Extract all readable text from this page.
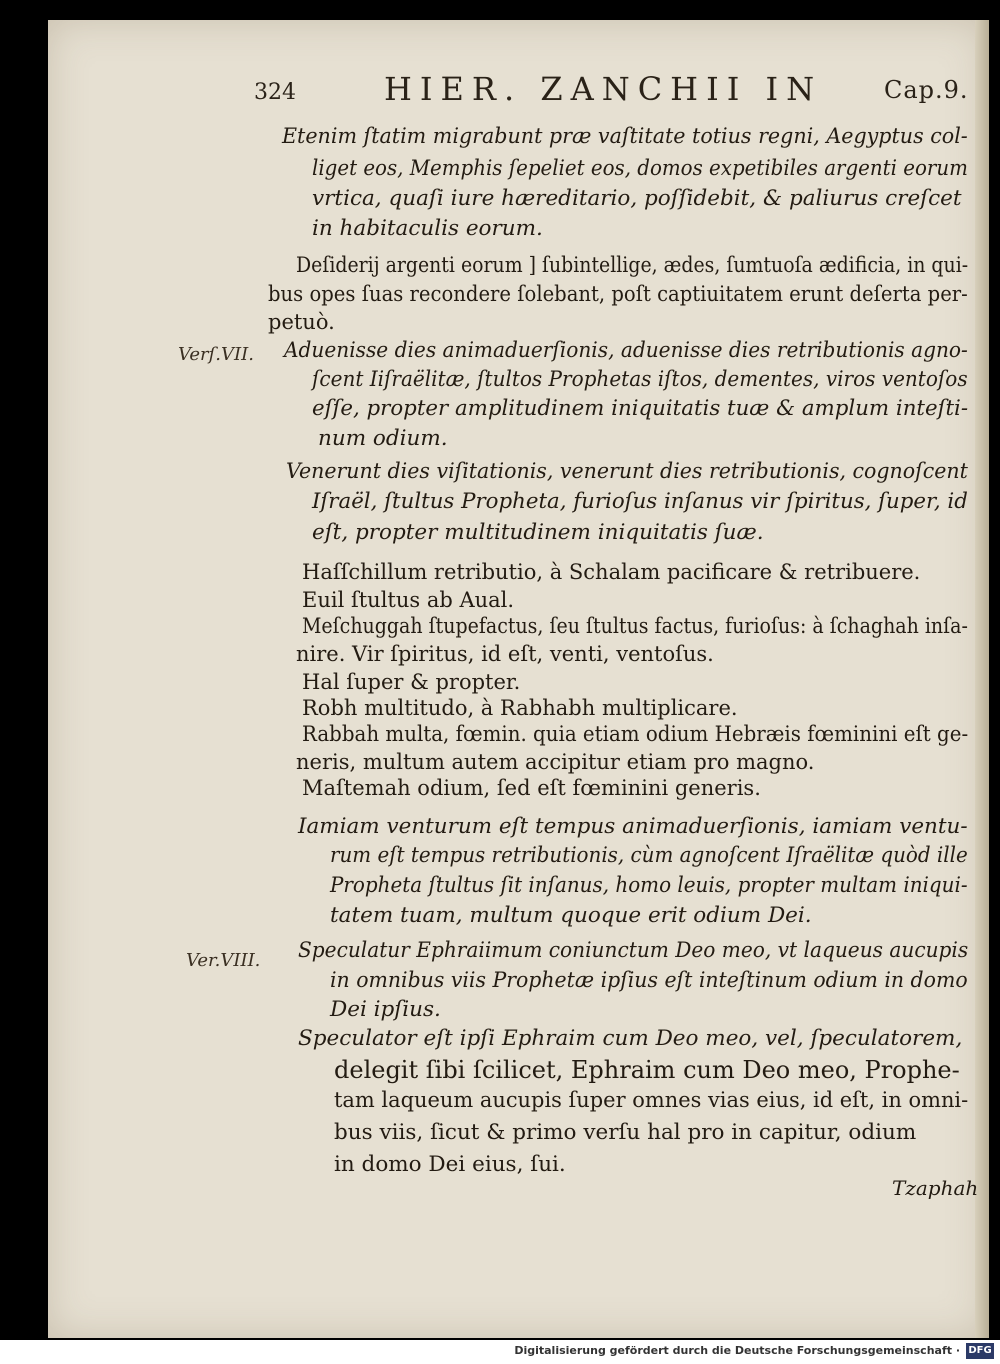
324	HIER. ZANCHII IN	Cap.9.
Verſ.VII.
Ver.VIII.
Etenim ſtatim migrabunt præ vaſtitate totius regni, Aegyptus col-
liget eos, Memphis ſepeliet eos, domos expetibiles argenti eorum
vrtica, quaſi iure hæreditario, poſſidebit, & paliurus creſcet
in habitaculis eorum.
Deſiderij argenti eorum ] ſubintellige, ædes, ſumtuoſa ædificia, in qui-
bus opes ſuas recondere ſolebant, poſt captiuitatem erunt deſerta per-
petuò.
Aduenisse dies animaduerſionis, aduenisse dies retributionis agno-
ſcent Iiſraëlitæ, ſtultos Prophetas iſtos, dementes, viros ventoſos
eſſe, propter amplitudinem iniquitatis tuæ & amplum inteſti-
num odium.
Venerunt dies viſitationis, venerunt dies retributionis, cognoſcent
Iſraël, ſtultus Propheta, furioſus inſanus vir ſpiritus, ſuper, id
eſt, propter multitudinem iniquitatis ſuæ.
Haſſchillum retributio, à Schalam pacificare & retribuere.
Euil ſtultus ab Aual.
Meſchuggah ſtupefactus, ſeu ſtultus factus, furioſus: à ſchaghah inſa-
nire. Vir ſpiritus, id eſt, venti, ventoſus.
Hal ſuper & propter.
Robh multitudo, à Rabhabh multiplicare.
Rabbah multa, fœmin. quia etiam odium Hebræis fœminini eſt ge-
neris, multum autem accipitur etiam pro magno.
Maſtemah odium, ſed eſt fœminini generis.
Iamiam venturum eſt tempus animaduerſionis, iamiam ventu-
rum eſt tempus retributionis, cùm agnoſcent Iſraëlitæ quòd ille
Propheta ſtultus ſit inſanus, homo leuis, propter multam iniqui-
tatem tuam, multum quoque erit odium Dei.
Speculatur Ephraiimum coniunctum Deo meo, vt laqueus aucupis
in omnibus viis Prophetæ ipſius eſt inteſtinum odium in domo
Dei ipſius.
Speculator eſt ipſi Ephraim cum Deo meo, vel, ſpeculatorem,
delegit ſibi ſcilicet, Ephraim cum Deo meo, Prophe-
tam laqueum aucupis ſuper omnes vias eius, id eſt, in omni-
bus viis, ſicut & primo verſu hal pro in capitur, odium
in domo Dei eius, ſui.
Tzaphah
Digitalisierung gefördert durch die Deutsche Forschungsgemeinschaft · DFG
